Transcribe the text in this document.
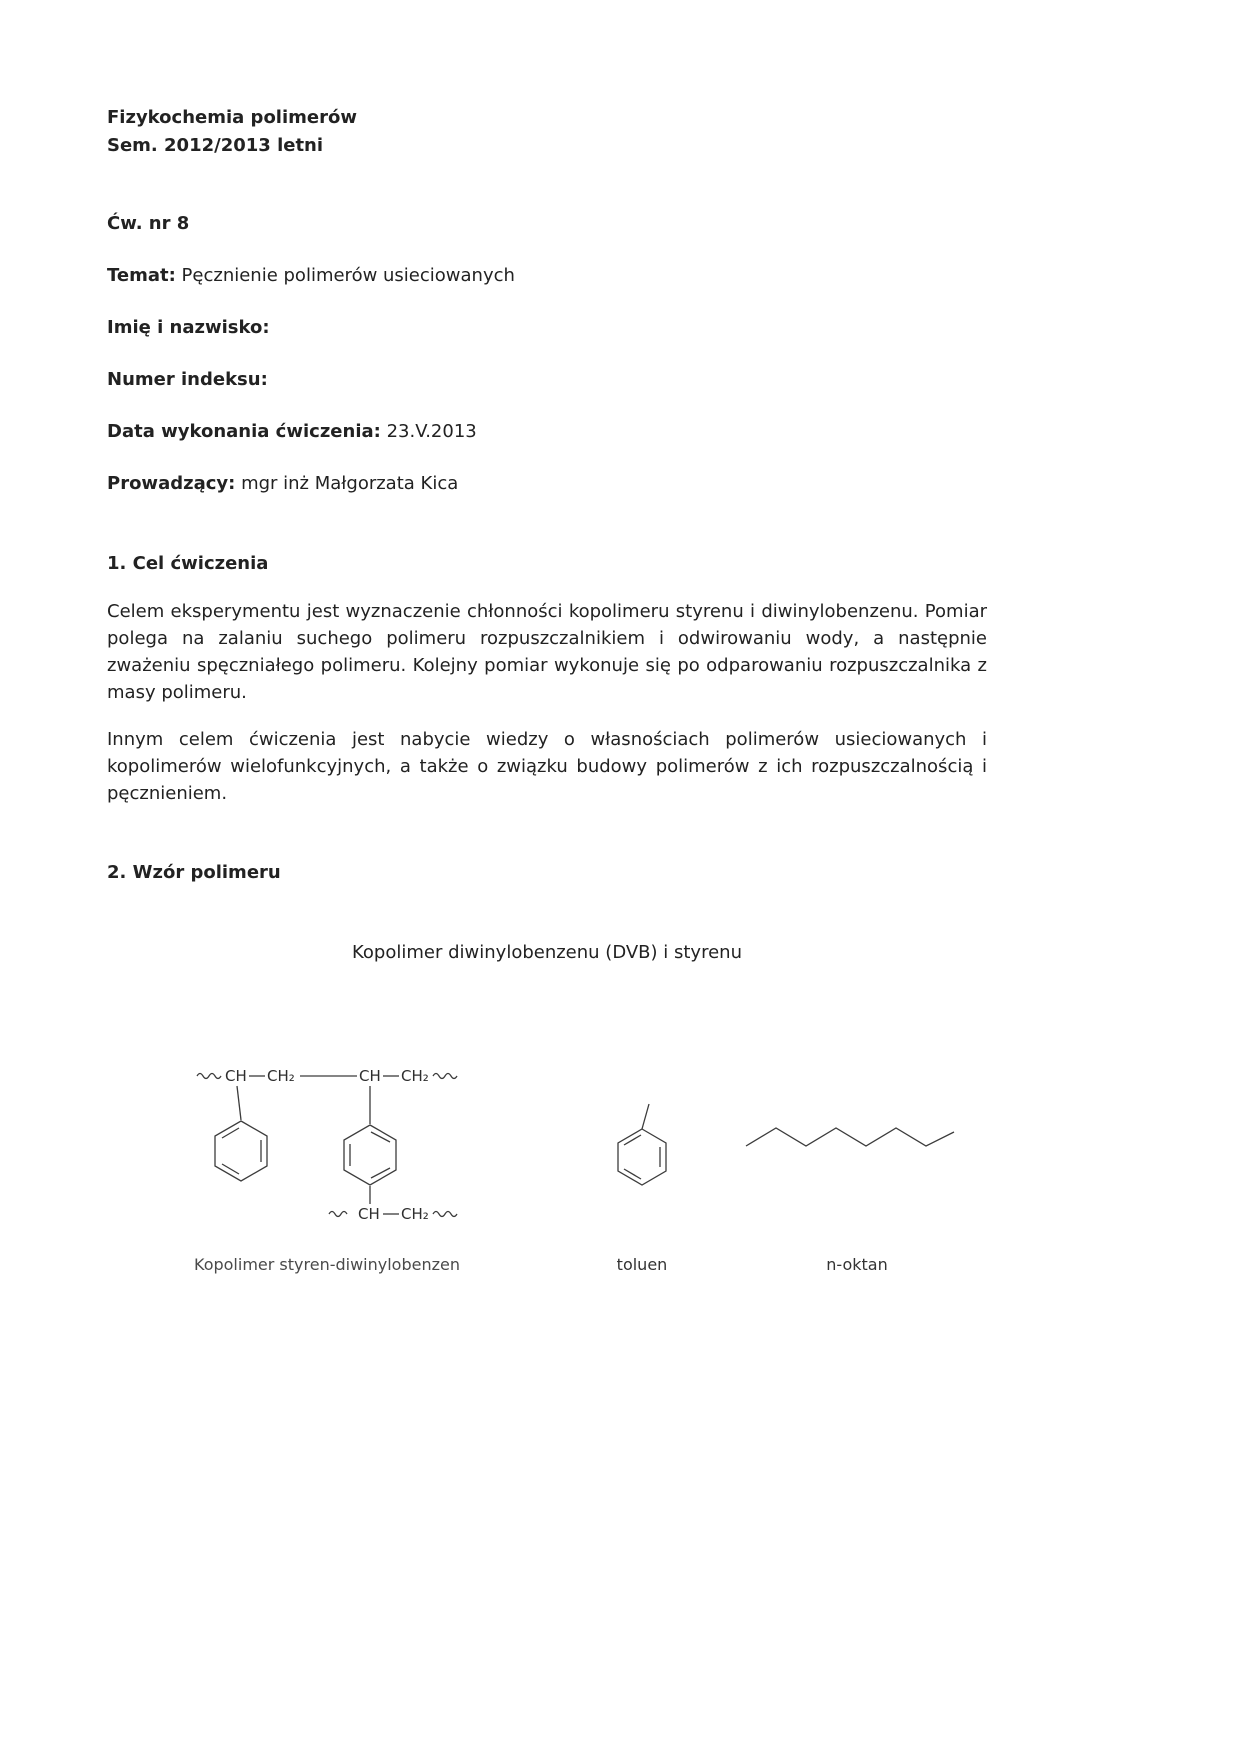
Fizykochemia polimerów
Sem. 2012/2013 letni
Ćw. nr 8

Temat: Pęcznienie polimerów usieciowanych

Imię i nazwisko:

Numer indeksu:

Data wykonania ćwiczenia: 23.V.2013

Prowadzący: mgr inż Małgorzata Kica

1. Cel ćwiczenia

Celem eksperymentu jest wyznaczenie chłonności kopolimeru styrenu i diwinylobenzenu. Pomiar polega na zalaniu suchego polimeru rozpuszczalnikiem i odwirowaniu wody, a następnie zważeniu spęczniałego polimeru. Kolejny pomiar wykonuje się po odparowaniu rozpuszczalnika z masy polimeru.

Innym celem ćwiczenia jest nabycie wiedzy o własnościach polimerów usieciowanych i kopolimerów wielofunkcyjnych, a także o związku budowy polimerów z ich rozpuszczalnością i pęcznieniem.

2. Wzór polimeru
Kopolimer diwinylobenzenu (DVB) i styrenu
CH CH₂	CH CH₂
CH CH₂
Kopolimer styren-diwinylobenzen	toluen	n-oktan
